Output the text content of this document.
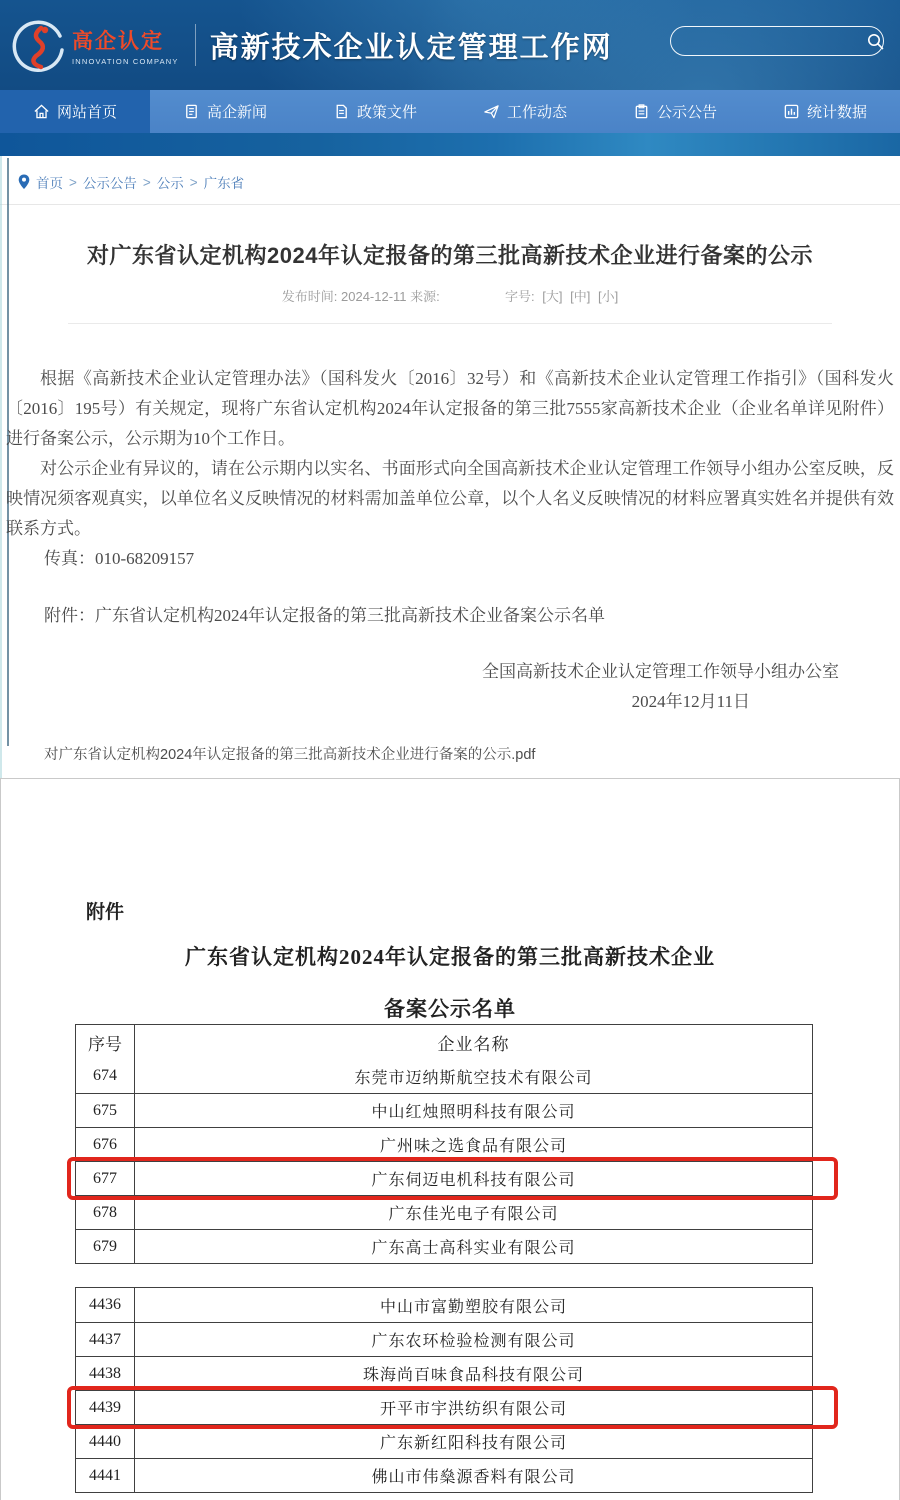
高企认定
INNOVATION COMPANY 高新技术企业认定管理工作网
网站首页	高企新闻	政策文件	工作动态	公示公告	统计数据
首页 > 公示公告 > 公示 > 广东省
对广东省认定机构2024年认定报备的第三批高新技术企业进行备案的公示
发布时间: 2024-12-11 来源:	字号: [大] [中] [小]

根据《高新技术企业认定管理办法》（国科发火〔2016〕32号）和《高新技术企业认定管理工作指引》（国科发火〔2016〕195号）有关规定，现将广东省认定机构2024年认定报备的第三批7555家高新技术企业（企业名单详见附件）进行备案公示，公示期为10个工作日。

对公示企业有异议的，请在公示期内以实名、书面形式向全国高新技术企业认定管理工作领导小组办公室反映，反映情况须客观真实，以单位名义反映情况的材料需加盖单位公章，以个人名义反映情况的材料应署真实姓名并提供有效联系方式。

传真：010-68209157

附件：广东省认定机构2024年认定报备的第三批高新技术企业备案公示名单

全国高新技术企业认定管理工作领导小组办公室

2024年12月11日

对广东省认定机构2024年认定报备的第三批高新技术企业进行备案的公示.pdf
附件
广东省认定机构2024年认定报备的第三批高新技术企业
备案公示名单
序号	企业名称
674	东莞市迈纳斯航空技术有限公司
675	中山红烛照明科技有限公司
676	广州味之选食品有限公司
677	广东伺迈电机科技有限公司
678	广东佳光电子有限公司
679	广东高士高科实业有限公司
4436	中山市富勤塑胶有限公司
4437	广东农环检验检测有限公司
4438	珠海尚百味食品科技有限公司
4439	开平市宇洪纺织有限公司
4440	广东新红阳科技有限公司
4441	佛山市伟燊源香料有限公司
